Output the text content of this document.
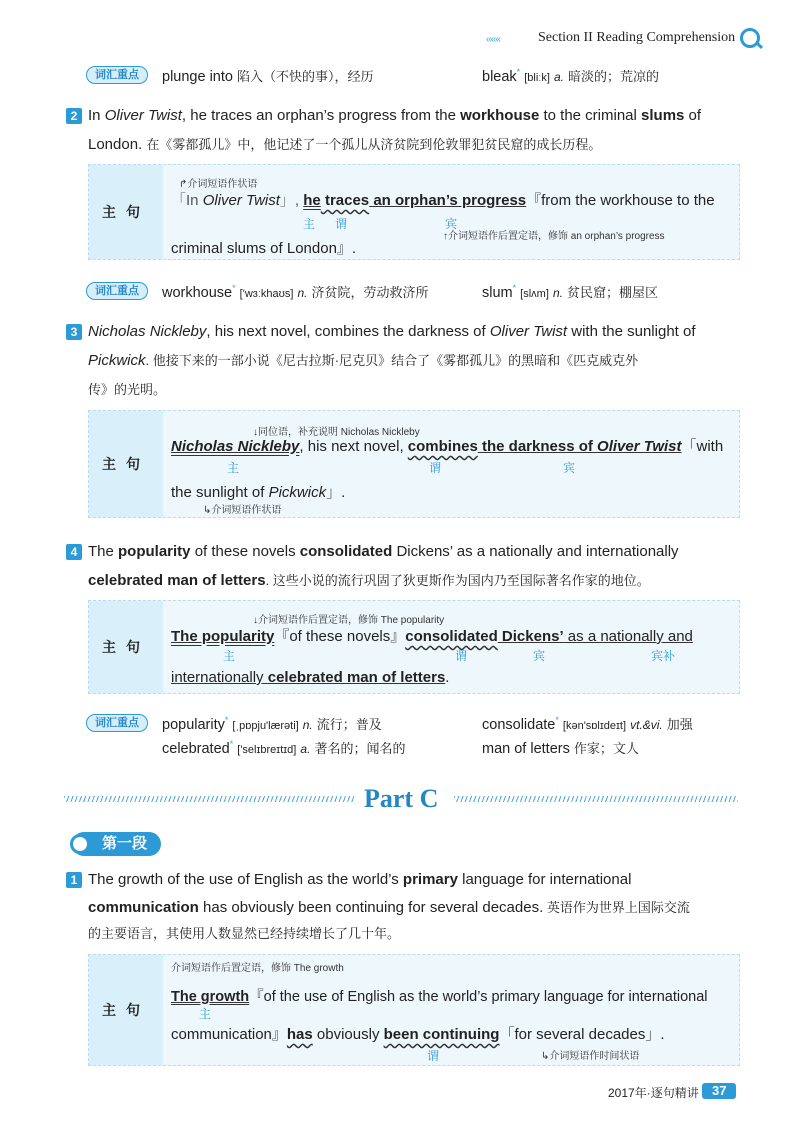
‹‹‹‹‹‹	Section II Reading Comprehension
词汇重点	plunge into 陷入（不快的事），经历	bleak* [bliːk] a. 暗淡的；荒凉的
2 In Oliver Twist, he traces an orphan’s progress from the workhouse to the criminal slums of
London. 在《雾都孤儿》中，他记述了一个孤儿从济贫院到伦敦罪犯贫民窟的成长历程。
主句
↱介词短语作状语
「In Oliver Twist」, he traces an orphan’s progress『from the workhouse to the
主 谓	宾
↑介词短语作后置定语，修饰 an orphan’s progress
criminal slums of London』.
词汇重点	workhouse* ['wɜːkhaʊs] n. 济贫院，劳动救济所	slum* [slʌm] n. 贫民窟；棚屋区
3 Nicholas Nickleby, his next novel, combines the darkness of Oliver Twist with the sunlight of
Pickwick. 他接下来的一部小说《尼古拉斯·尼克贝》结合了《雾都孤儿》的黑暗和《匹克威克外
传》的光明。
主句
↓同位语，补充说明 Nicholas Nickleby
Nicholas Nickleby, his next novel, combines the darkness of Oliver Twist「with
主	谓	宾
the sunlight of Pickwick」.
↳介词短语作状语
4 The popularity of these novels consolidated Dickens’ as a nationally and internationally
celebrated man of letters. 这些小说的流行巩固了狄更斯作为国内乃至国际著名作家的地位。
主句
↓介词短语作后置定语，修饰 The popularity
The popularity『of these novels』consolidated Dickens’ as a nationally and
主	谓	宾	宾补
internationally celebrated man of letters.
词汇重点	popularity* [ˌpɒpju'lærəti] n. 流行；普及	consolidate* [kən'sɒlɪdeɪt] vt.&vi. 加强
celebrated* ['selɪbreɪtɪd] a. 著名的；闻名的	man of letters 作家；文人
Part C
第一段
1 The growth of the use of English as the world’s primary language for international
communication has obviously been continuing for several decades. 英语作为世界上国际交流
的主要语言，其使用人数显然已经持续增长了几十年。
主句
介词短语作后置定语，修饰 The growth
The growth『of the use of English as the world’s primary language for international
主
communication』has obviously been continuing「for several decades」.
谓	↳介词短语作时间状语
2017年·逐句精讲	37
